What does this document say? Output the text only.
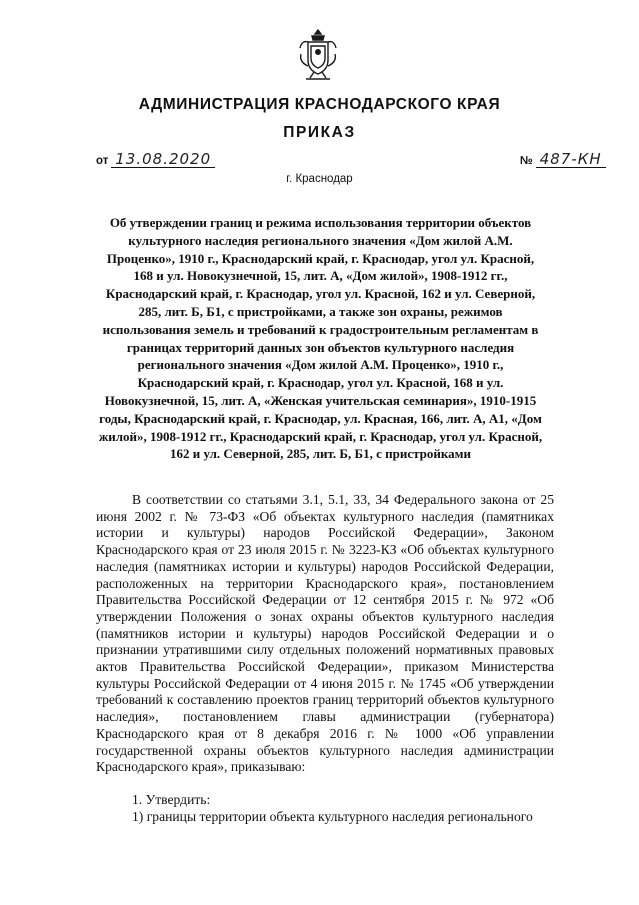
АДМИНИСТРАЦИЯ КРАСНОДАРСКОГО КРАЯ
ПРИКАЗ
от 13.08.2020	№ 487-КН
г. Краснодар

Об утверждении границ и режима использования территории объектов культурного наследия регионального значения «Дом жилой А.М. Проценко», 1910 г., Краснодарский край, г. Краснодар, угол ул. Красной, 168 и ул. Новокузнечной, 15, лит. А, «Дом жилой», 1908-1912 гг., Краснодарский край, г. Краснодар, угол ул. Красной, 162 и ул. Северной, 285, лит. Б, Б1, с пристройками, а также зон охраны, режимов использования земель и требований к градостроительным регламентам в границах территорий данных зон объектов культурного наследия регионального значения «Дом жилой А.М. Проценко», 1910 г., Краснодарский край, г. Краснодар, угол ул. Красной, 168 и ул. Новокузнечной, 15, лит. А, «Женская учительская семинария», 1910-1915 годы, Краснодарский край, г. Краснодар, ул. Красная, 166, лит. А, А1, «Дом жилой», 1908-1912 гг., Краснодарский край, г. Краснодар, угол ул. Красной, 162 и ул. Северной, 285, лит. Б, Б1, с пристройками

В соответствии со статьями 3.1, 5.1, 33, 34 Федерального закона от 25 июня 2002 г. № 73-ФЗ «Об объектах культурного наследия (памятниках истории и культуры) народов Российской Федерации», Законом Краснодарского края от 23 июля 2015 г. № 3223-КЗ «Об объектах культурного наследия (памятниках истории и культуры) народов Российской Федерации, расположенных на территории Краснодарского края», постановлением Правительства Российской Федерации от 12 сентября 2015 г. № 972 «Об утверждении Положения о зонах охраны объектов культурного наследия (памятников истории и культуры) народов Российской Федерации и о признании утратившими силу отдельных положений нормативных правовых актов Правительства Российской Федерации», приказом Министерства культуры Российской Федерации от 4 июня 2015 г. № 1745 «Об утверждении требований к составлению проектов границ территорий объектов культурного наследия», постановлением главы администрации (губернатора) Краснодарского края от 8 декабря 2016 г. № 1000 «Об управлении государственной охраны объектов культурного наследия администрации Краснодарского края», приказываю:

1. Утвердить:

1) границы территории объекта культурного наследия регионального
